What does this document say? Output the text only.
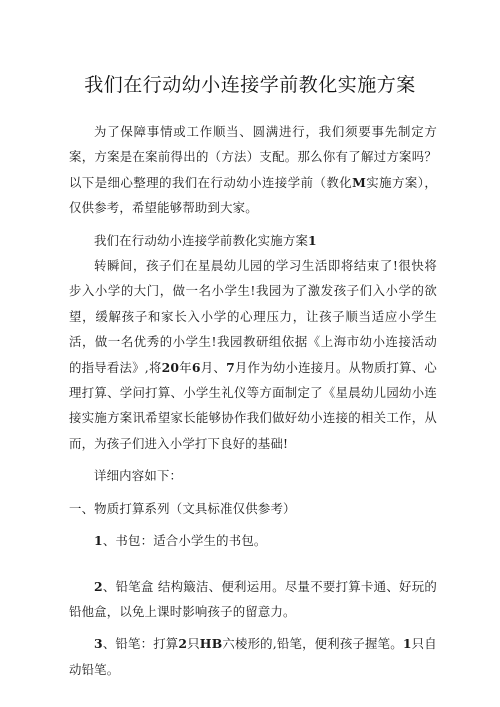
我们在行动幼小连接学前教化实施方案

为了保障事情或工作顺当、圆满进行，我们须要事先制定方案，方案是在案前得出的（方法）支配。那么你有了解过方案吗？以下是细心整理的我们在行动幼小连接学前（教化M实施方案），仅供参考，希望能够帮助到大家。

我们在行动幼小连接学前教化实施方案1

转瞬间，孩子们在星晨幼儿园的学习生活即将结束了!很快将步入小学的大门，做一名小学生!我园为了激发孩子们入小学的欲望，缓解孩子和家长入小学的心理压力，让孩子顺当适应小学生活，做一名优秀的小学生!我园教研组依据《上海市幼小连接活动的指导看法》,将20年6月、7月作为幼小连接月。从物质打算、心理打算、学问打算、小学生礼仪等方面制定了《星晨幼儿园幼小连接实施方案讯希望家长能够协作我们做好幼小连接的相关工作，从而，为孩子们进入小学打下良好的基础!

详细内容如下：

一、物质打算系列（文具标准仅供参考）

1、书包：适合小学生的书包。

2、铅笔盒 结构簸洁、便利运用。尽量不要打算卡通、好玩的铅他盒，以免上课时影响孩子的留意力。

3、铅笔：打算2只HB六棱形的,铅笔，便利孩子握笔。1只自

动铅笔。
